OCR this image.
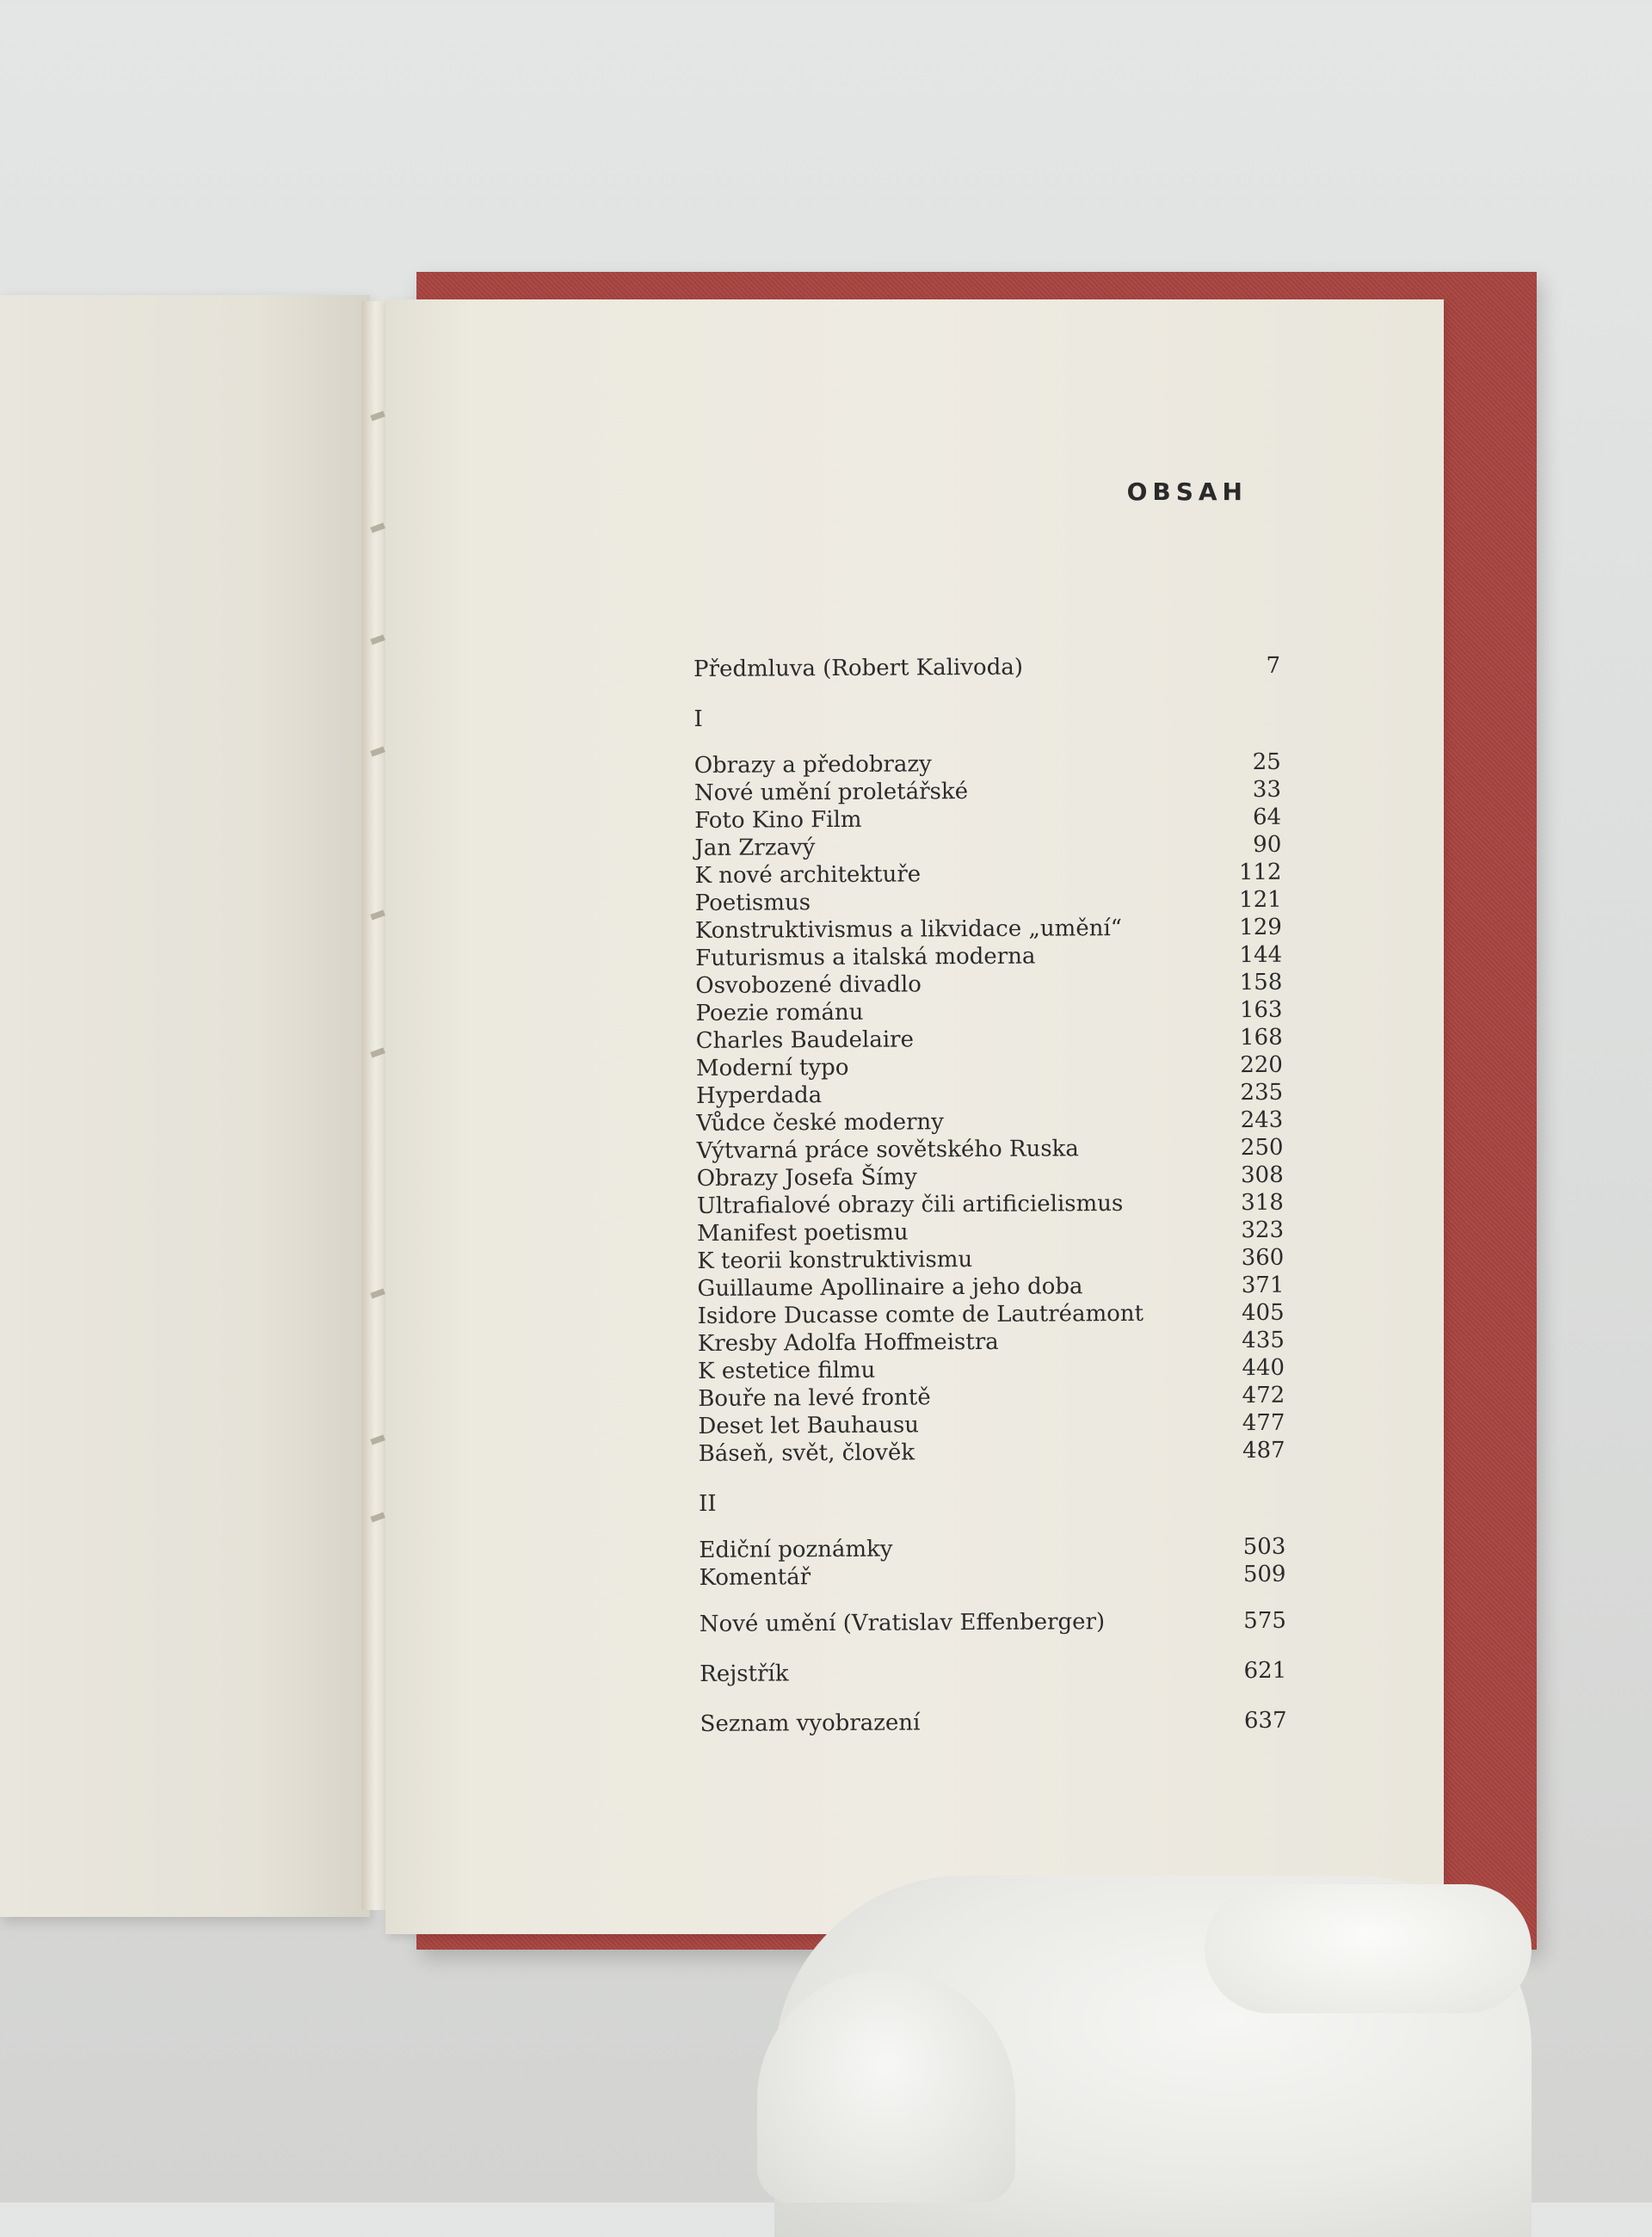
OBSAH
Předmluva (Robert Kalivoda)	7
I
Obrazy a předobrazy	25
Nové umění proletářské	33
Foto Kino Film	64
Jan Zrzavý	90
K nové architektuře	112
Poetismus	121
Konstruktivismus a likvidace „umění“	129
Futurismus a italská moderna	144
Osvobozené divadlo	158
Poezie románu	163
Charles Baudelaire	168
Moderní typo	220
Hyperdada	235
Vůdce české moderny	243
Výtvarná práce sovětského Ruska	250
Obrazy Josefa Šímy	308
Ultrafialové obrazy čili artificielismus	318
Manifest poetismu	323
K teorii konstruktivismu	360
Guillaume Apollinaire a jeho doba	371
Isidore Ducasse comte de Lautréamont	405
Kresby Adolfa Hoffmeistra	435
K estetice filmu	440
Bouře na levé frontě	472
Deset let Bauhausu	477
Báseň, svět, člověk	487
II
Ediční poznámky	503
Komentář	509
Nové umění (Vratislav Effenberger)	575
Rejstřík	621
Seznam vyobrazení	637
